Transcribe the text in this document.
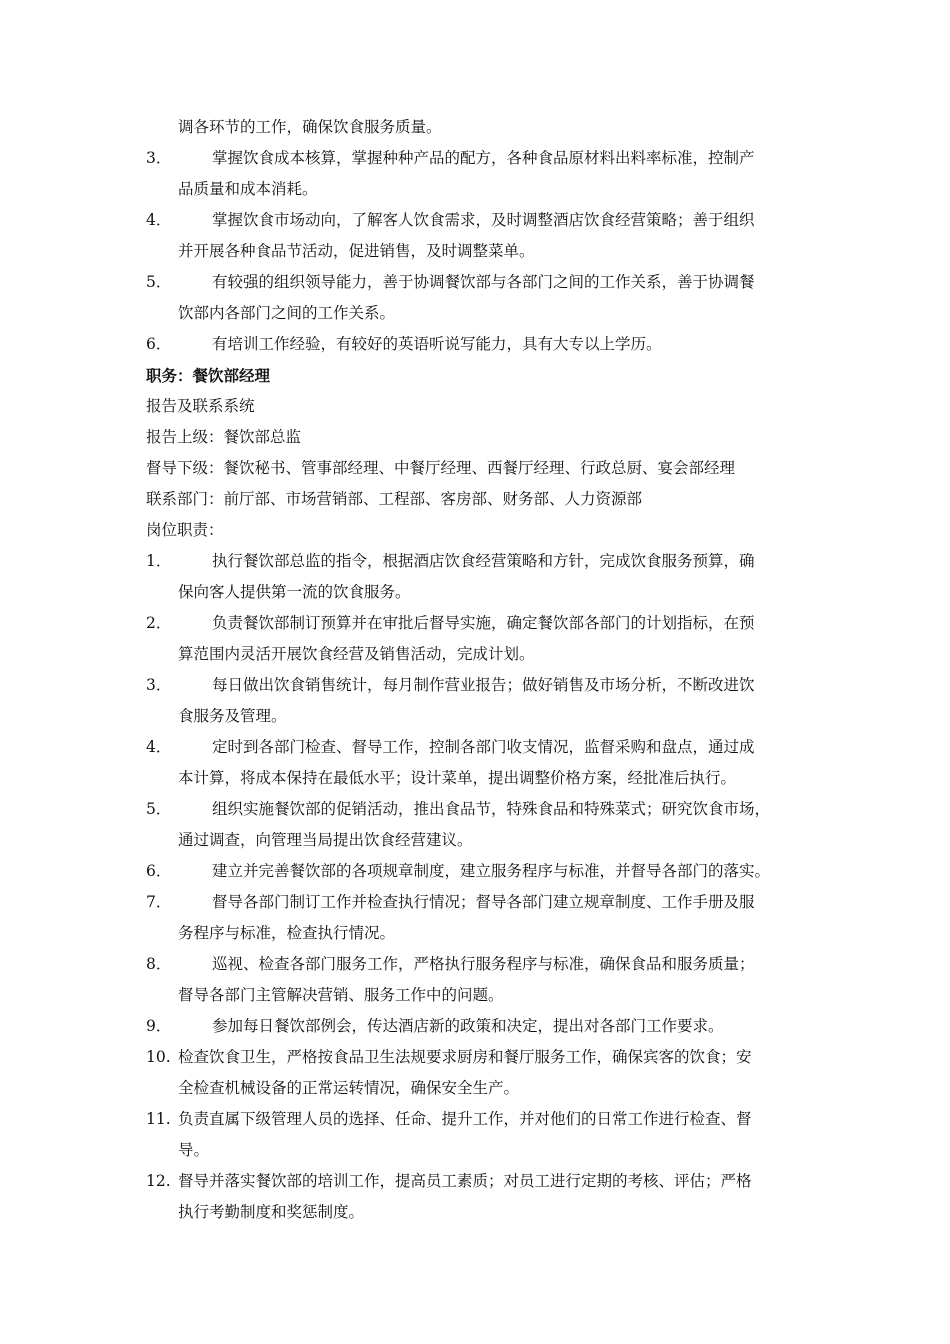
调各环节的工作，确保饮食服务质量。

3．	掌握饮食成本核算，掌握种种产品的配方，各种食品原材料出料率标准，控制产
品质量和成本消耗。
4．	掌握饮食市场动向，了解客人饮食需求，及时调整酒店饮食经营策略；善于组织
并开展各种食品节活动，促进销售，及时调整菜单。
5．	有较强的组织领导能力，善于协调餐饮部与各部门之间的工作关系，善于协调餐
饮部内各部门之间的工作关系。
6．	有培训工作经验，有较好的英语听说写能力，具有大专以上学历。

职务：餐饮部经理

报告及联系系统

报告上级：餐饮部总监

督导下级：餐饮秘书、管事部经理、中餐厅经理、西餐厅经理、行政总厨、宴会部经理

联系部门：前厅部、市场营销部、工程部、客房部、财务部、人力资源部

岗位职责：

1．	执行餐饮部总监的指令，根据酒店饮食经营策略和方针，完成饮食服务预算，确
保向客人提供第一流的饮食服务。
2．	负责餐饮部制订预算并在审批后督导实施，确定餐饮部各部门的计划指标，在预
算范围内灵活开展饮食经营及销售活动，完成计划。
3．	每日做出饮食销售统计，每月制作营业报告；做好销售及市场分析，不断改进饮
食服务及管理。
4．	定时到各部门检查、督导工作，控制各部门收支情况，监督采购和盘点，通过成
本计算，将成本保持在最低水平；设计菜单，提出调整价格方案，经批准后执行。
5．	组织实施餐饮部的促销活动，推出食品节，特殊食品和特殊菜式；研究饮食市场，
通过调查，向管理当局提出饮食经营建议。
6．	建立并完善餐饮部的各项规章制度，建立服务程序与标准，并督导各部门的落实。
7．	督导各部门制订工作并检查执行情况；督导各部门建立规章制度、工作手册及服
务程序与标准，检查执行情况。
8．	巡视、检查各部门服务工作，严格执行服务程序与标准，确保食品和服务质量；
督导各部门主管解决营销、服务工作中的问题。
9．	参加每日餐饮部例会，传达酒店新的政策和决定，提出对各部门工作要求。
10. 检查饮食卫生，严格按食品卫生法规要求厨房和餐厅服务工作，确保宾客的饮食；安
全检查机械设备的正常运转情况，确保安全生产。
11. 负责直属下级管理人员的选择、任命、提升工作，并对他们的日常工作进行检查、督
导。
12. 督导并落实餐饮部的培训工作，提高员工素质；对员工进行定期的考核、评估；严格
执行考勤制度和奖惩制度。
